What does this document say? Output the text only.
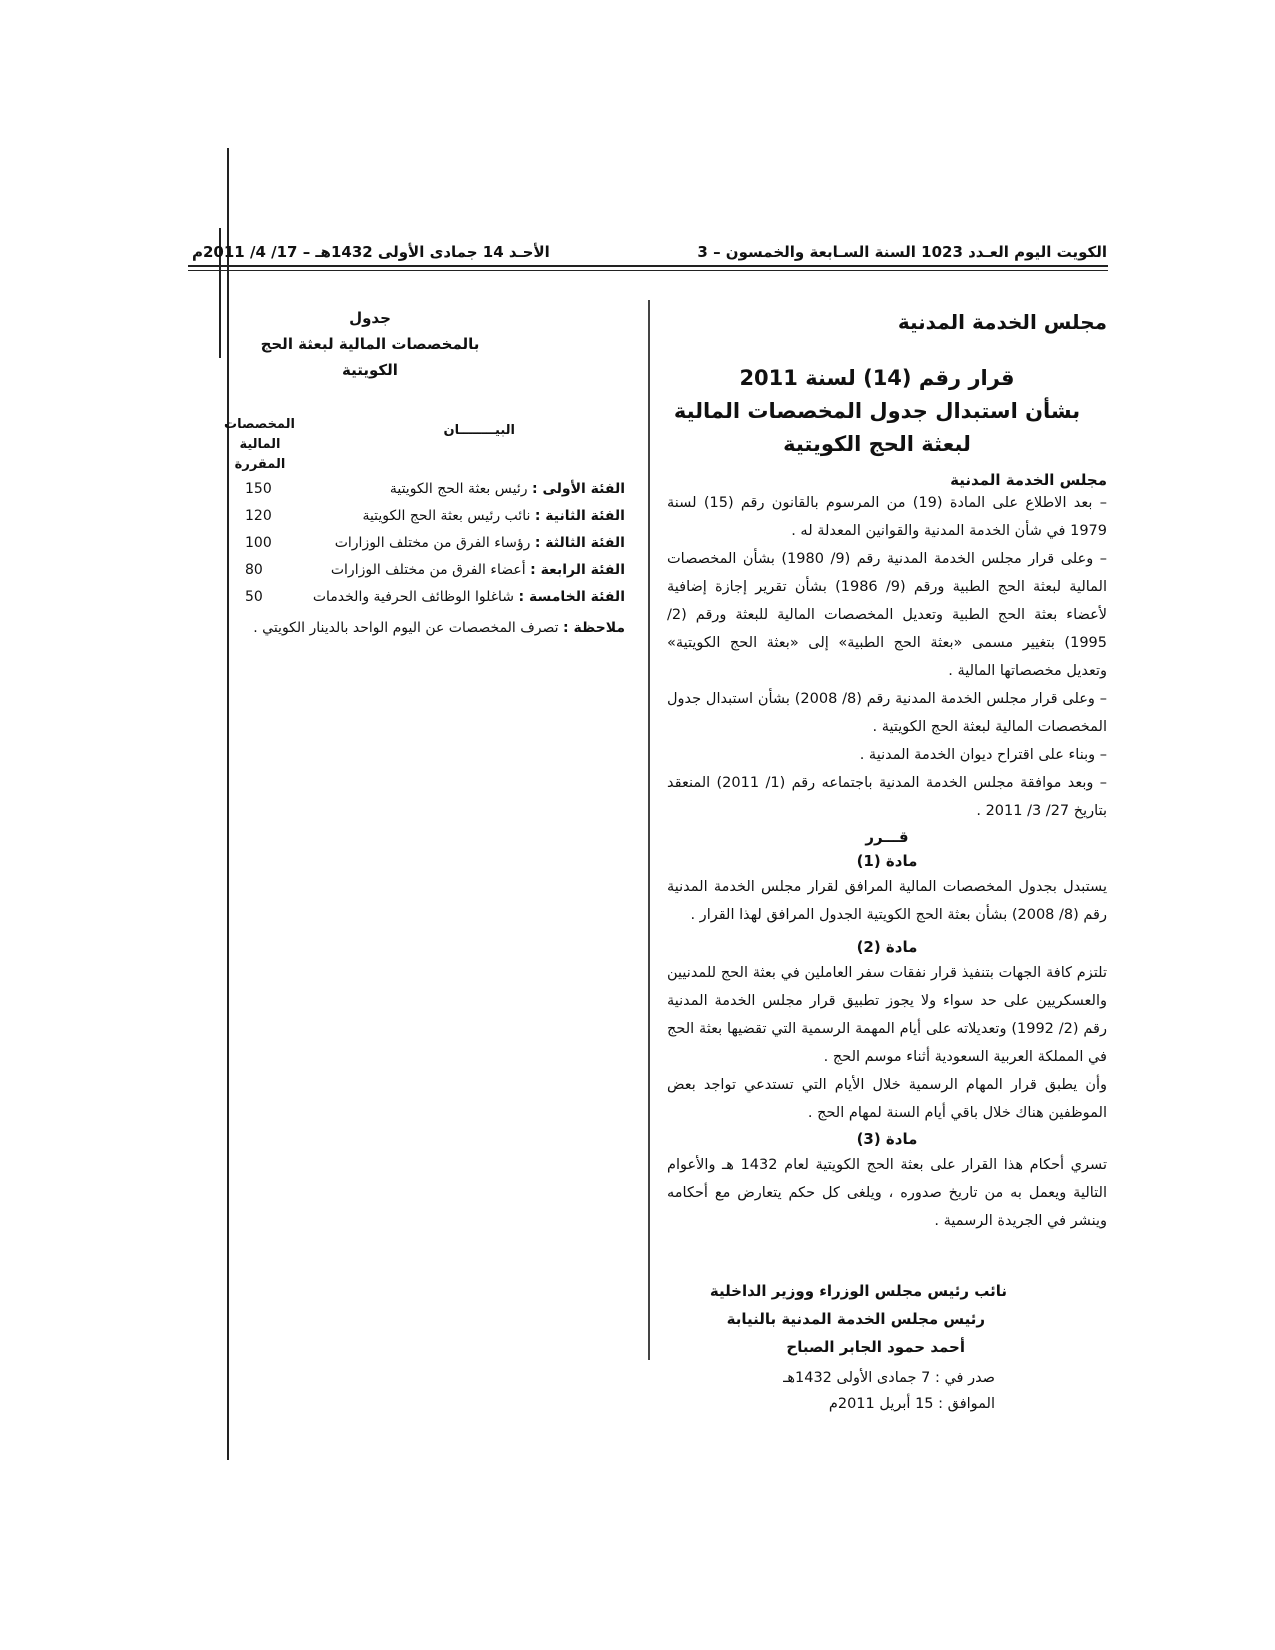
الكويت اليوم العـدد 1023 السنة السـابعة والخمسون – 3
الأحـد 14 جمادى الأولى 1432هـ – 17/ 4/ 2011م
مجلس الخدمة المدنية
قرار رقم (14) لسنة 2011
بشأن استبدال جدول المخصصات المالية
لبعثة الحج الكويتية
مجلس الخدمة المدنية
– بعد الاطلاع على المادة (19) من المرسوم بالقانون رقم (15) لسنة 1979 في شأن الخدمة المدنية والقوانين المعدلة له .
– وعلى قرار مجلس الخدمة المدنية رقم (9/ 1980) بشأن المخصصات المالية لبعثة الحج الطبية ورقم (9/ 1986) بشأن تقرير إجازة إضافية لأعضاء بعثة الحج الطبية وتعديل المخصصات المالية للبعثة ورقم (2/ 1995) بتغيير مسمى «بعثة الحج الطبية» إلى «بعثة الحج الكويتية» وتعديل مخصصاتها المالية .
– وعلى قرار مجلس الخدمة المدنية رقم (8/ 2008) بشأن استبدال جدول المخصصات المالية لبعثة الحج الكويتية .
– وبناء على اقتراح ديوان الخدمة المدنية .
– وبعد موافقة مجلس الخدمة المدنية باجتماعه رقم (1/ 2011) المنعقد بتاريخ 27/ 3/ 2011 .
قـــرر
مادة (1)
يستبدل بجدول المخصصات المالية المرافق لقرار مجلس الخدمة المدنية رقم (8/ 2008) بشأن بعثة الحج الكويتية الجدول المرافق لهذا القرار .
مادة (2)
تلتزم كافة الجهات بتنفيذ قرار نفقات سفر العاملين في بعثة الحج للمدنيين والعسكريين على حد سواء ولا يجوز تطبيق قرار مجلس الخدمة المدنية رقم (2/ 1992) وتعديلاته على أيام المهمة الرسمية التي تقضيها بعثة الحج في المملكة العربية السعودية أثناء موسم الحج .
وأن يطبق قرار المهام الرسمية خلال الأيام التي تستدعي تواجد بعض الموظفين هناك خلال باقي أيام السنة لمهام الحج .
مادة (3)
تسري أحكام هذا القرار على بعثة الحج الكويتية لعام 1432 هـ والأعوام التالية ويعمل به من تاريخ صدوره ، ويلغى كل حكم يتعارض مع أحكامه وينشر في الجريدة الرسمية .
نائب رئيس مجلس الوزراء ووزير الداخلية
رئيس مجلس الخدمة المدنية بالنيابة
أحمد حمود الجابر الصباح
صدر في : 7 جمادى الأولى 1432هـ
الموافق : 15 أبريل 2011م
جدول
بالمخصصات المالية لبعثة الحج الكويتية
البيــــــــان
المخصصات
المالية المقررة
الفئة الأولى : رئيس بعثة الحج الكويتية
150
الفئة الثانية : نائب رئيس بعثة الحج الكويتية
120
الفئة الثالثة : رؤساء الفرق من مختلف الوزارات
100
الفئة الرابعة : أعضاء الفرق من مختلف الوزارات
80
الفئة الخامسة : شاغلوا الوظائف الحرفية والخدمات
50
ملاحظة : تصرف المخصصات عن اليوم الواحد بالدينار الكويتي .
